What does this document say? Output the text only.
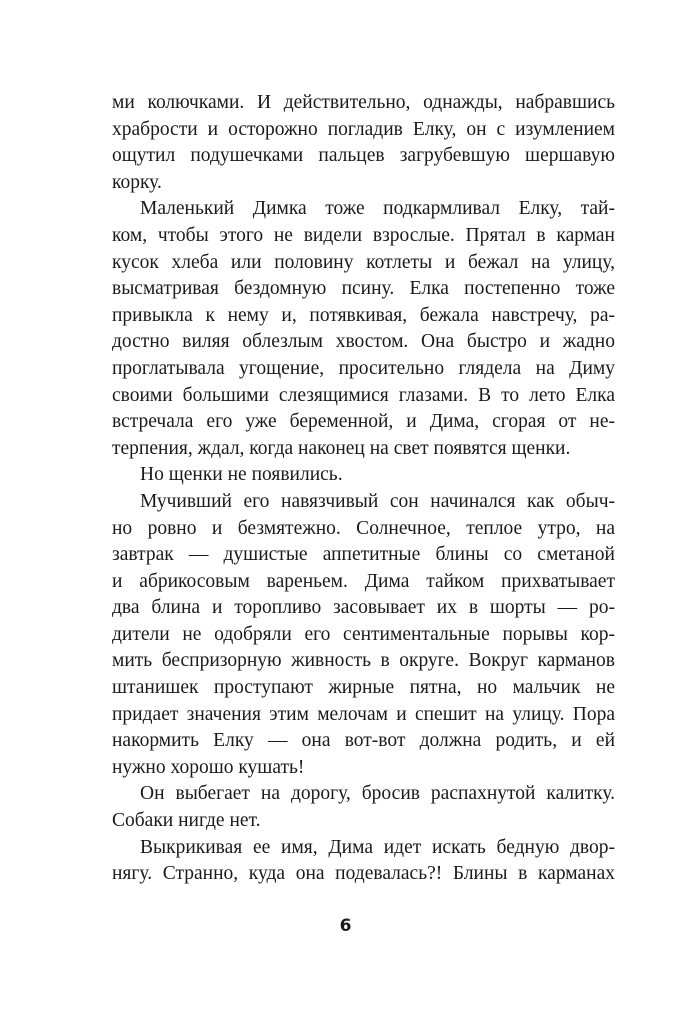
ми колючками. И действительно, однажды, набравшись
храбрости и осторожно погладив Елку, он с изумлением
ощутил подушечками пальцев загрубевшую шершавую
корку.
Маленький Димка тоже подкармливал Елку, тай-
ком, чтобы этого не видели взрослые. Прятал в карман
кусок хлеба или половину котлеты и бежал на улицу,
высматривая бездомную псину. Елка постепенно тоже
привыкла к нему и, потявкивая, бежала навстречу, ра-
достно виляя облезлым хвостом. Она быстро и жадно
проглатывала угощение, просительно глядела на Диму
своими большими слезящимися глазами. В то лето Елка
встречала его уже беременной, и Дима, сгорая от не-
терпения, ждал, когда наконец на свет появятся щенки.
Но щенки не появились.
Мучивший его навязчивый сон начинался как обыч-
но ровно и безмятежно. Солнечное, теплое утро, на
завтрак — душистые аппетитные блины со сметаной
и абрикосовым вареньем. Дима тайком прихватывает
два блина и торопливо засовывает их в шорты — ро-
дители не одобряли его сентиментальные порывы кор-
мить беспризорную живность в округе. Вокруг карманов
штанишек проступают жирные пятна, но мальчик не
придает значения этим мелочам и спешит на улицу. Пора
накормить Елку — она вот-вот должна родить, и ей
нужно хорошо кушать!
Он выбегает на дорогу, бросив распахнутой калитку.
Собаки нигде нет.
Выкрикивая ее имя, Дима идет искать бедную двор-
нягу. Странно, куда она подевалась?! Блины в карманах
6
